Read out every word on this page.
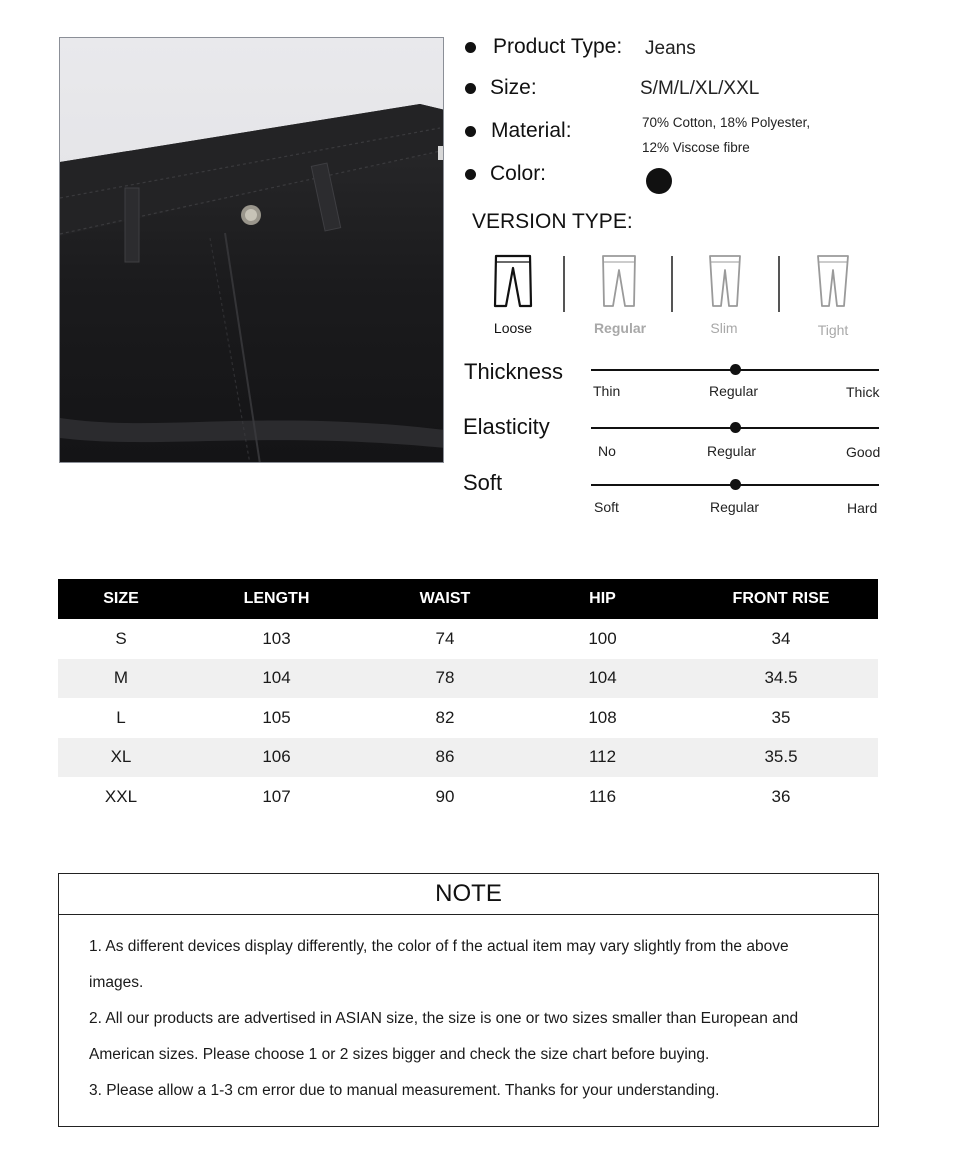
Product Type: Jeans
Size:	S/M/L/XL/XXL
Material:	70% Cotton, 18% Polyester,
12% Viscose fibre
Color:
VERSION TYPE:
Loose	Regular	Slim	Tight
Thickness
Thin	Regular	Thick
Elasticity
No	Regular	Good
Soft
Soft	Regular	Hard
SIZE	LENGTH	WAIST	HIP	FRONT RISE
S	103	74	100	34
M	104	78	104	34.5
L	105	82	108	35
XL	106	86	112	35.5
XXL	107	90	116	36
NOTE

1. As different devices display differently, the color of f the actual item may vary slightly from the above

images.

2. All our products are advertised in ASIAN size, the size is one or two sizes smaller than European and

American sizes. Please choose 1 or 2 sizes bigger and check the size chart before buying.

3. Please allow a 1-3 cm error due to manual measurement. Thanks for your understanding.
